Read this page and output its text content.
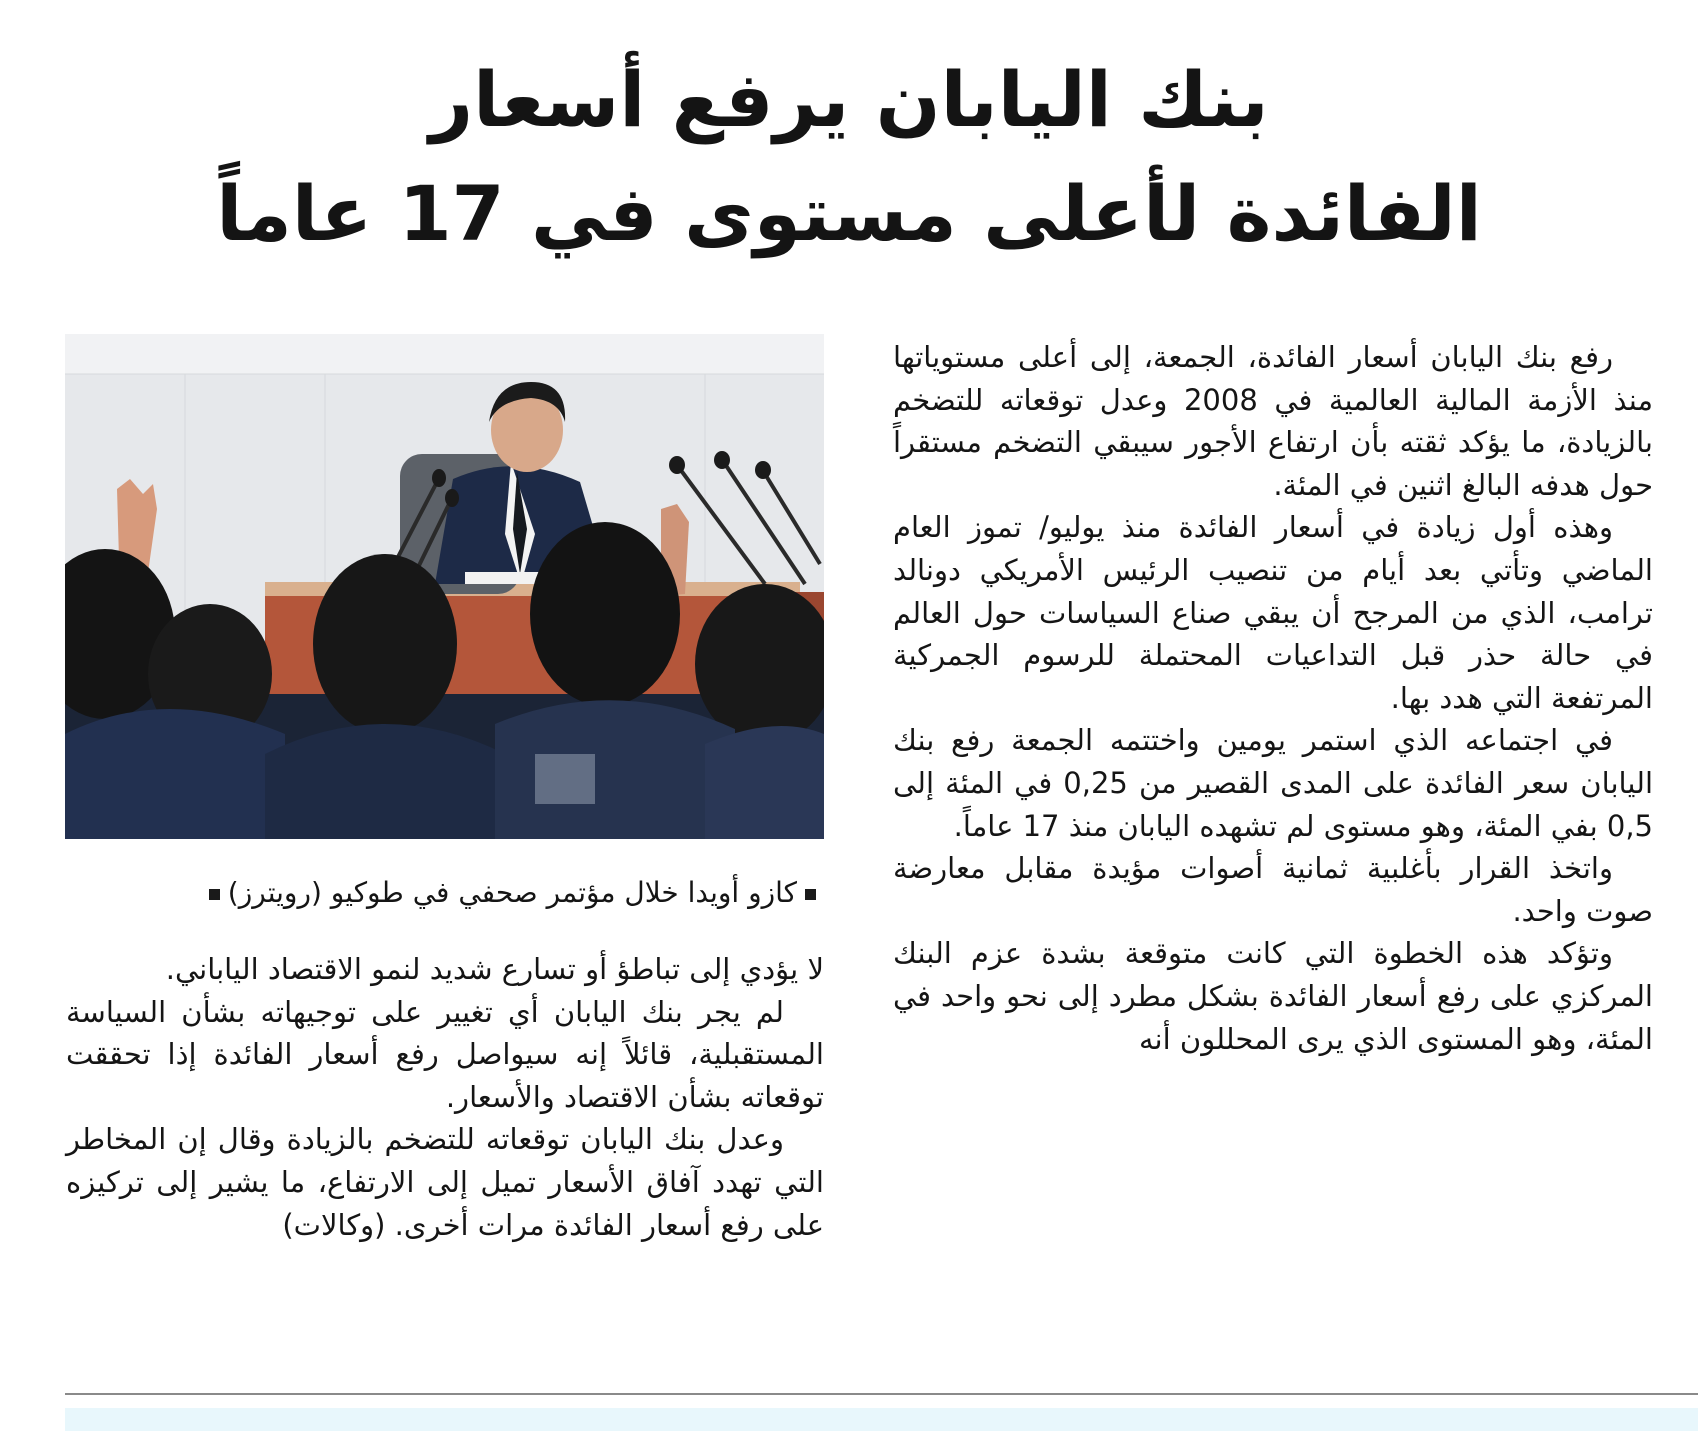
بنك اليابان يرفع أسعار
الفائدة لأعلى مستوى في 17 عاماً

رفع بنك اليابان أسعار الفائدة، الجمعة، إلى أعلى مستوياتها منذ الأزمة المالية العالمية في 2008 وعدل توقعاته للتضخم بالزيادة، ما يؤكد ثقته بأن ارتفاع الأجور سيبقي التضخم مستقراً حول هدفه البالغ اثنين في المئة.

وهذه أول زيادة في أسعار الفائدة منذ يوليو/ تموز العام الماضي وتأتي بعد أيام من تنصيب الرئيس الأمريكي دونالد ترامب، الذي من المرجح أن يبقي صناع السياسات حول العالم في حالة حذر قبل التداعيات المحتملة للرسوم الجمركية المرتفعة التي هدد بها.

في اجتماعه الذي استمر يومين واختتمه الجمعة رفع بنك اليابان سعر الفائدة على المدى القصير من 0,25 في المئة إلى 0,5 بفي المئة، وهو مستوى لم تشهده اليابان منذ 17 عاماً.

واتخذ القرار بأغلبية ثمانية أصوات مؤيدة مقابل معارضة صوت واحد.

وتؤكد هذه الخطوة التي كانت متوقعة بشدة عزم البنك المركزي على رفع أسعار الفائدة بشكل مطرد إلى نحو واحد في المئة، وهو المستوى الذي يرى المحللون أنه

كازو أويدا خلال مؤتمر صحفي في طوكيو (رويترز)

لا يؤدي إلى تباطؤ أو تسارع شديد لنمو الاقتصاد الياباني.

لم يجر بنك اليابان أي تغيير على توجيهاته بشأن السياسة المستقبلية، قائلاً إنه سيواصل رفع أسعار الفائدة إذا تحققت توقعاته بشأن الاقتصاد والأسعار.

وعدل بنك اليابان توقعاته للتضخم بالزيادة وقال إن المخاطر التي تهدد آفاق الأسعار تميل إلى الارتفاع، ما يشير إلى تركيزه على رفع أسعار الفائدة مرات أخرى. (وكالات)
